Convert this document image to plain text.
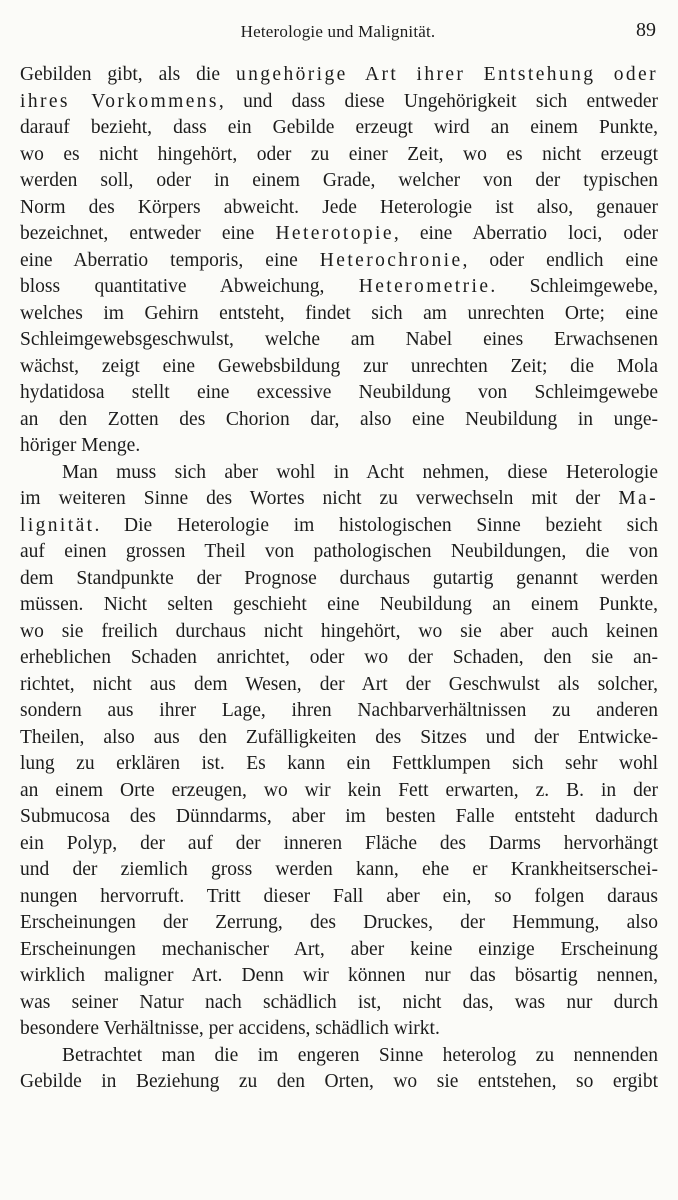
Heterologie und Malignität.	89
Gebilden gibt, als die ungehörige Art ihrer Entstehung oder
ihres Vorkommens, und dass diese Ungehörigkeit sich entweder
darauf bezieht, dass ein Gebilde erzeugt wird an einem Punkte,
wo es nicht hingehört, oder zu einer Zeit, wo es nicht erzeugt
werden soll, oder in einem Grade, welcher von der typischen
Norm des Körpers abweicht. Jede Heterologie ist also, genauer
bezeichnet, entweder eine Heterotopie, eine Aberratio loci, oder
eine Aberratio temporis, eine Heterochronie, oder endlich eine
bloss quantitative Abweichung, Heterometrie. Schleimgewebe,
welches im Gehirn entsteht, findet sich am unrechten Orte; eine
Schleimgewebsgeschwulst, welche am Nabel eines Erwachsenen
wächst, zeigt eine Gewebsbildung zur unrechten Zeit; die Mola
hydatidosa stellt eine excessive Neubildung von Schleimgewebe
an den Zotten des Chorion dar, also eine Neubildung in unge-
höriger Menge.
Man muss sich aber wohl in Acht nehmen, diese Heterologie
im weiteren Sinne des Wortes nicht zu verwechseln mit der Ma-
lignität. Die Heterologie im histologischen Sinne bezieht sich
auf einen grossen Theil von pathologischen Neubildungen, die von
dem Standpunkte der Prognose durchaus gutartig genannt werden
müssen. Nicht selten geschieht eine Neubildung an einem Punkte,
wo sie freilich durchaus nicht hingehört, wo sie aber auch keinen
erheblichen Schaden anrichtet, oder wo der Schaden, den sie an-
richtet, nicht aus dem Wesen, der Art der Geschwulst als solcher,
sondern aus ihrer Lage, ihren Nachbarverhältnissen zu anderen
Theilen, also aus den Zufälligkeiten des Sitzes und der Entwicke-
lung zu erklären ist. Es kann ein Fettklumpen sich sehr wohl
an einem Orte erzeugen, wo wir kein Fett erwarten, z. B. in der
Submucosa des Dünndarms, aber im besten Falle entsteht dadurch
ein Polyp, der auf der inneren Fläche des Darms hervorhängt
und der ziemlich gross werden kann, ehe er Krankheitserschei-
nungen hervorruft. Tritt dieser Fall aber ein, so folgen daraus
Erscheinungen der Zerrung, des Druckes, der Hemmung, also
Erscheinungen mechanischer Art, aber keine einzige Erscheinung
wirklich maligner Art. Denn wir können nur das bösartig nennen,
was seiner Natur nach schädlich ist, nicht das, was nur durch
besondere Verhältnisse, per accidens, schädlich wirkt.
Betrachtet man die im engeren Sinne heterolog zu nennenden
Gebilde in Beziehung zu den Orten, wo sie entstehen, so ergibt
